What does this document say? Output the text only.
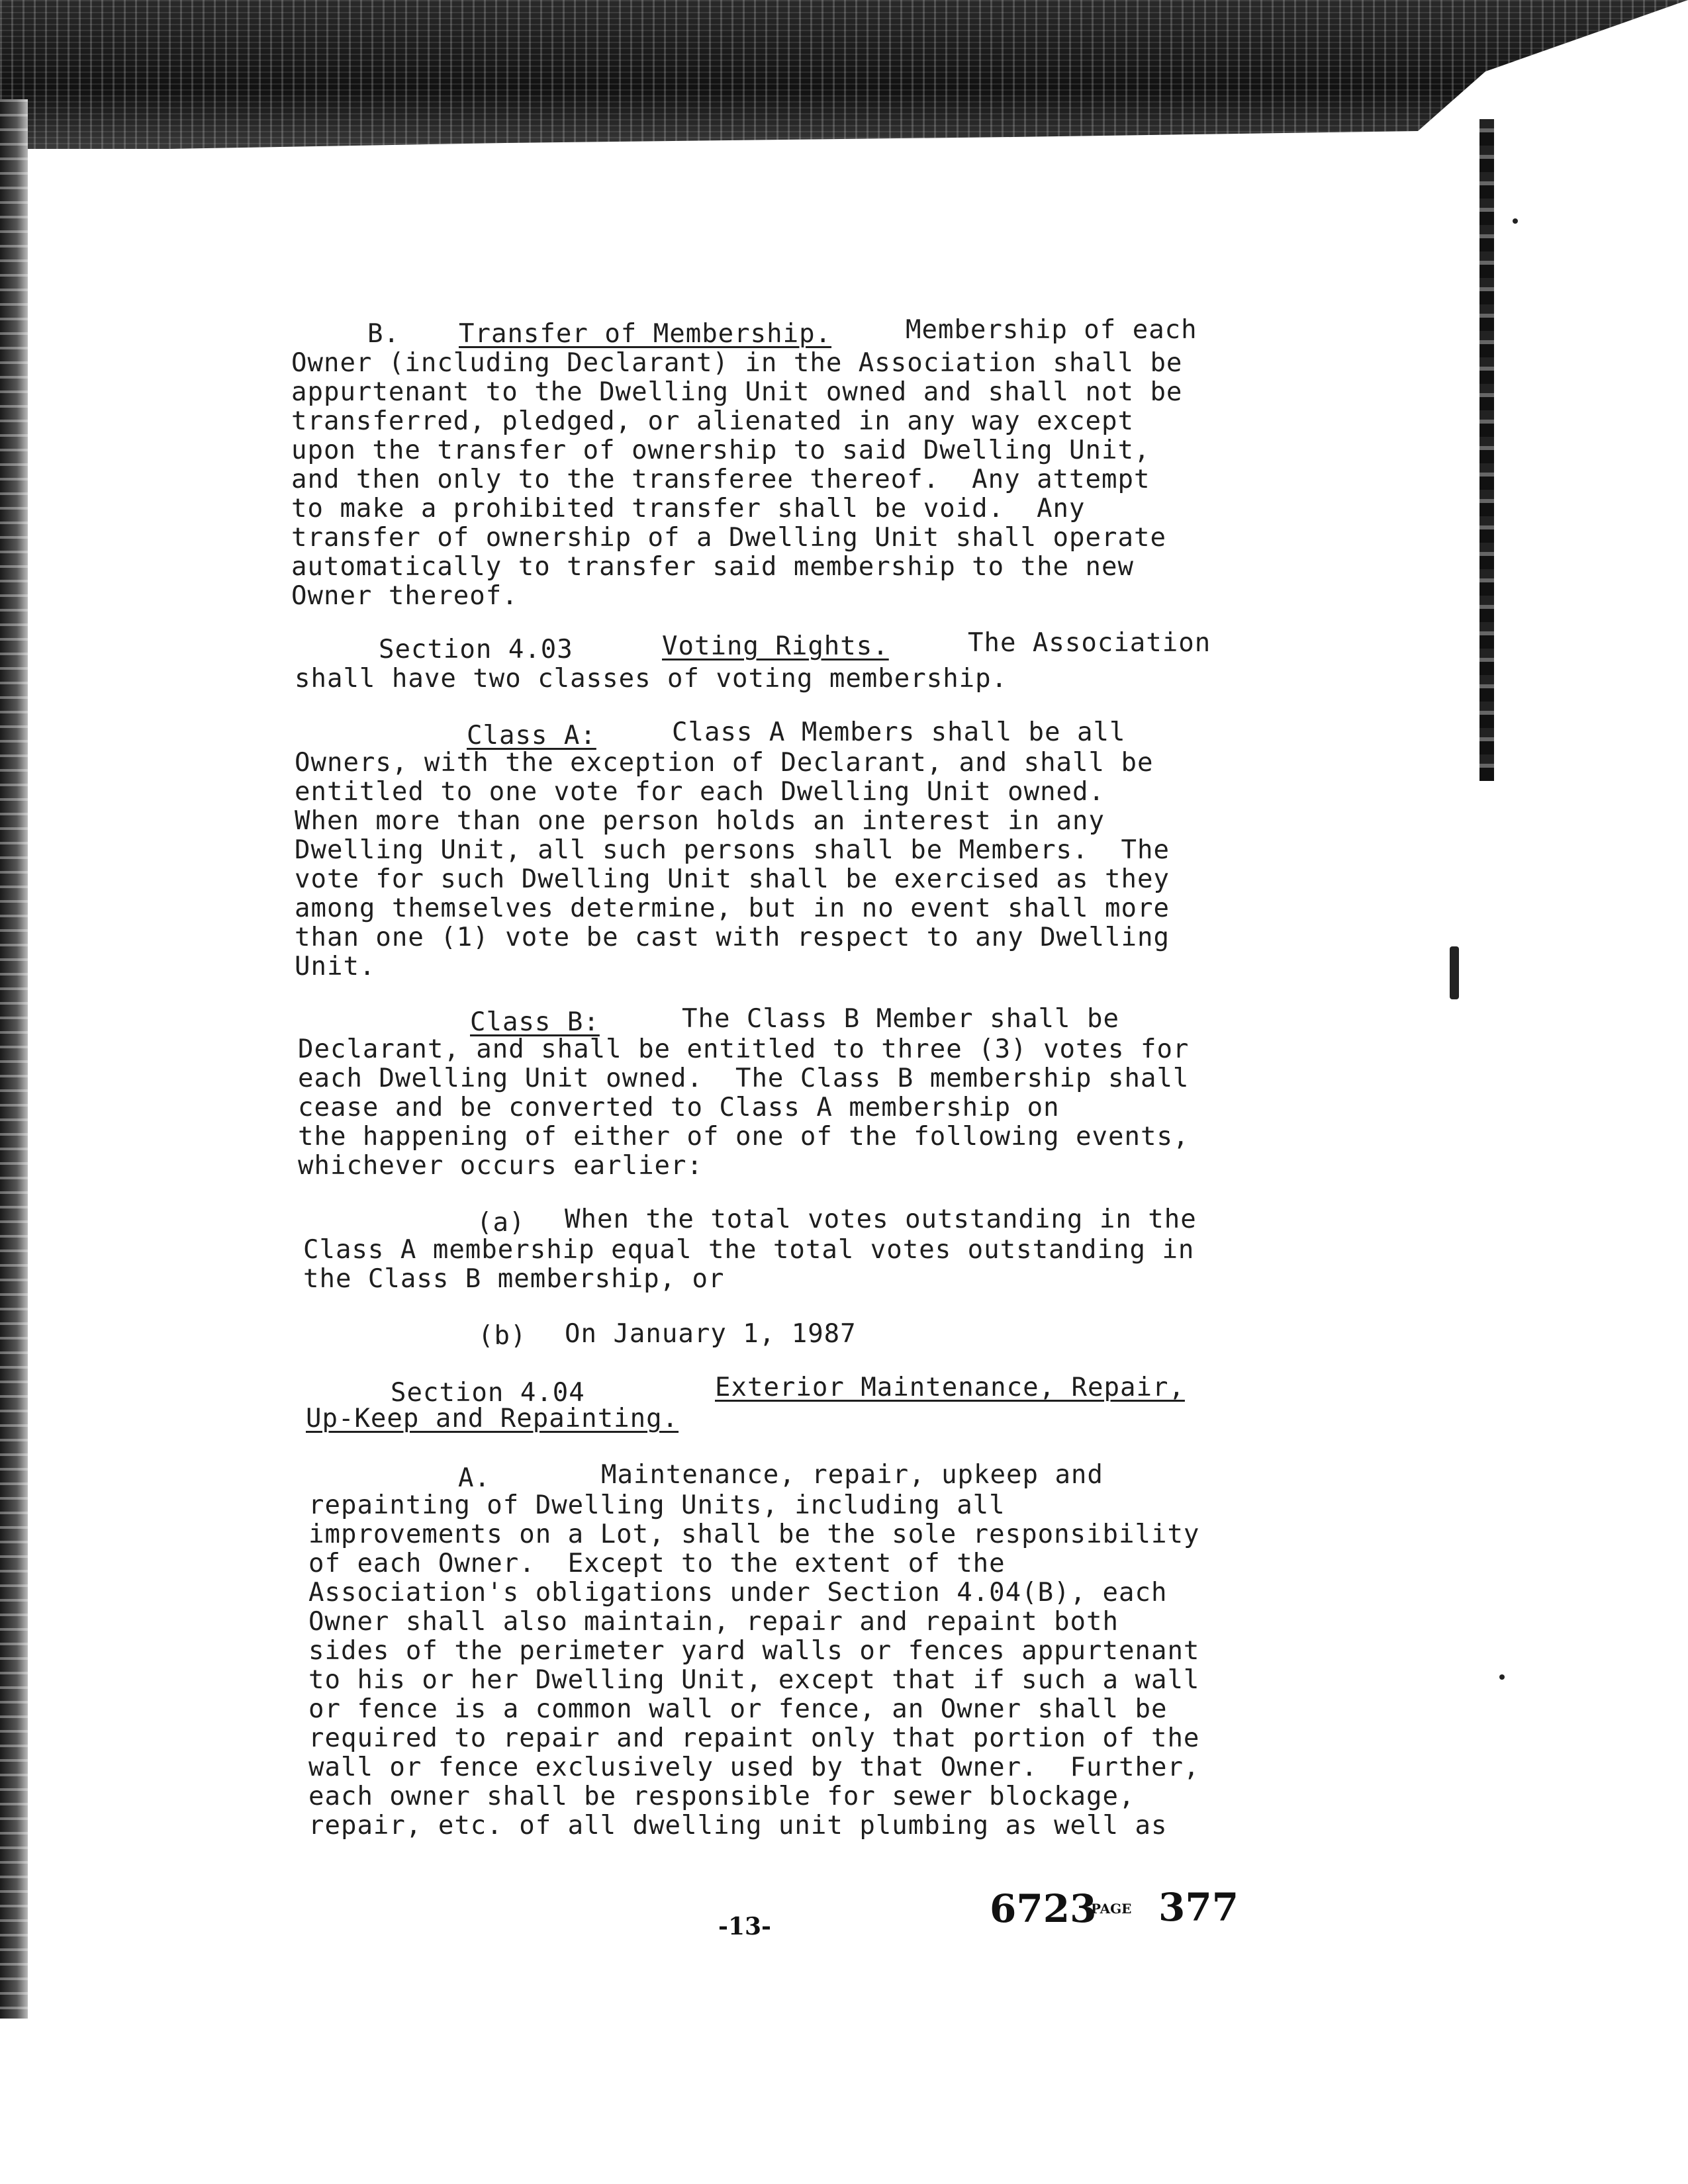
B. Transfer of Membership.	Membership of each
Owner (including Declarant) in the Association shall be
appurtenant to the Dwelling Unit owned and shall not be
transferred, pledged, or alienated in any way except
upon the transfer of ownership to said Dwelling Unit,
and then only to the transferee thereof.  Any attempt
to make a prohibited transfer shall be void.  Any
transfer of ownership of a Dwelling Unit shall operate
automatically to transfer said membership to the new
Owner thereof.
Section 4.03	Voting Rights.	The Association
shall have two classes of voting membership.
Class A:	Class A Members shall be all
Owners, with the exception of Declarant, and shall be
entitled to one vote for each Dwelling Unit owned.
When more than one person holds an interest in any
Dwelling Unit, all such persons shall be Members.  The
vote for such Dwelling Unit shall be exercised as they
among themselves determine, but in no event shall more
than one (1) vote be cast with respect to any Dwelling
Unit.
Class B:	The Class B Member shall be
Declarant, and shall be entitled to three (3) votes for
each Dwelling Unit owned.  The Class B membership shall
cease and be converted to Class A membership on
the happening of either of one of the following events,
whichever occurs earlier:
(a) When the total votes outstanding in the
Class A membership equal the total votes outstanding in
the Class B membership, or
(b) On January 1, 1987
Section 4.04	Exterior Maintenance, Repair,
Up-Keep and Repainting.
A.	Maintenance, repair, upkeep and
repainting of Dwelling Units, including all
improvements on a Lot, shall be the sole responsibility
of each Owner.  Except to the extent of the
Association's obligations under Section 4.04(B), each
Owner shall also maintain, repair and repaint both
sides of the perimeter yard walls or fences appurtenant
to his or her Dwelling Unit, except that if such a wall
or fence is a common wall or fence, an Owner shall be
required to repair and repaint only that portion of the
wall or fence exclusively used by that Owner.  Further,
each owner shall be responsible for sewer blockage,
repair, etc. of all dwelling unit plumbing as well as
-13-	6723
PAGE 377
